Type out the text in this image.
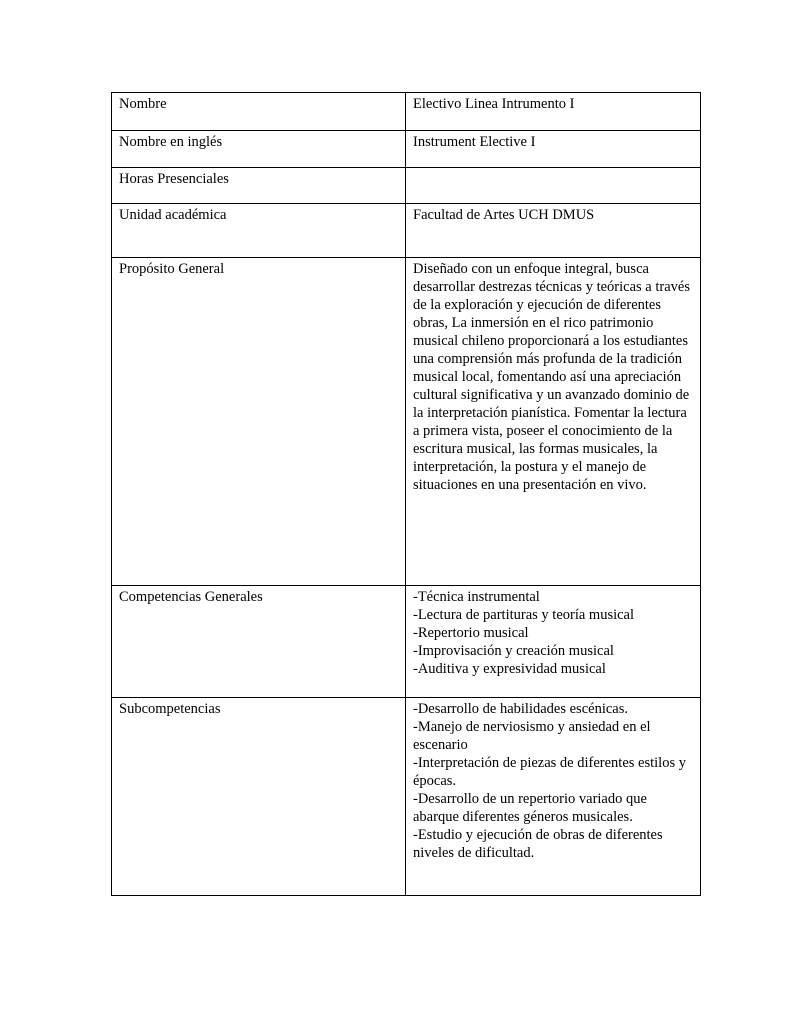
Nombre	Electivo Linea Intrumento I
Nombre en inglés	Instrument Elective I
Horas Presenciales	
Unidad académica	Facultad de Artes UCH DMUS
Propósito General	Diseñado con un enfoque integral, busca desarrollar destrezas técnicas y teóricas a través de la exploración y ejecución de diferentes obras, La inmersión en el rico patrimonio musical chileno proporcionará a los estudiantes una comprensión más profunda de la tradición musical local, fomentando así una apreciación cultural significativa y un avanzado dominio de la interpretación pianística. Fomentar la lectura a primera vista, poseer el conocimiento de la escritura musical, las formas musicales, la interpretación, la postura y el manejo de situaciones en una presentación en vivo.
Competencias Generales	-Técnica instrumental
-Lectura de partituras y teoría musical
-Repertorio musical
-Improvisación y creación musical
-Auditiva y expresividad musical

Subcompetencias	-Desarrollo de habilidades escénicas.
-Manejo de nerviosismo y ansiedad en el escenario
-Interpretación de piezas de diferentes estilos y épocas.
-Desarrollo de un repertorio variado que abarque diferentes géneros musicales.
-Estudio y ejecución de obras de diferentes niveles de dificultad.
